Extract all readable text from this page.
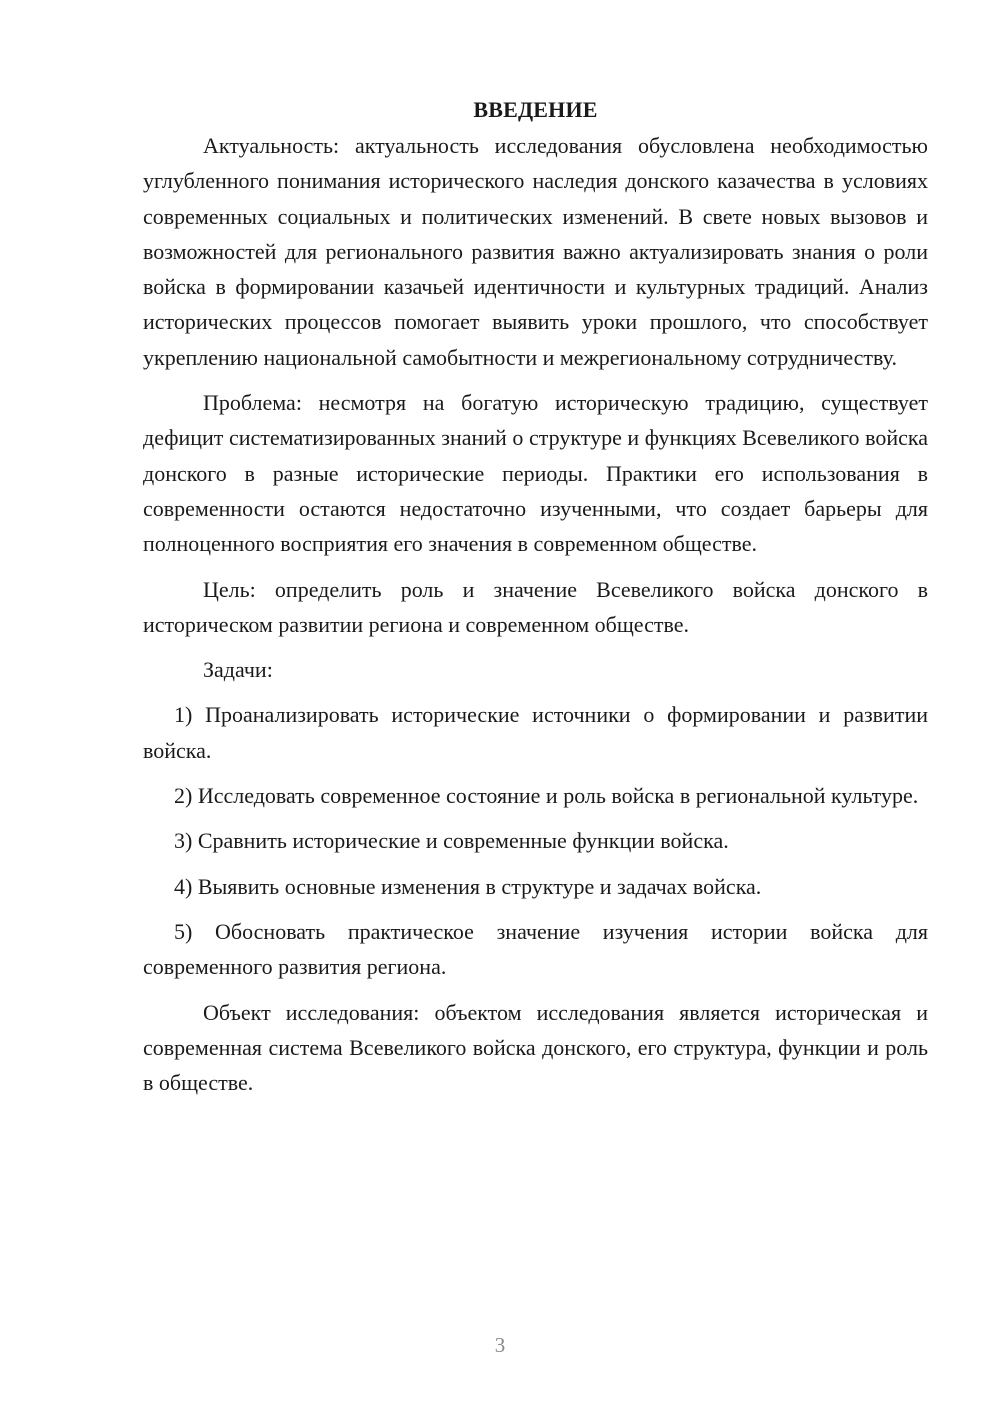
ВВЕДЕНИЕ

Актуальность: актуальность исследования обусловлена необходимостью углубленного понимания исторического наследия донского казачества в условиях современных социальных и политических изменений. В свете новых вызовов и возможностей для регионального развития важно актуализировать знания о роли войска в формировании казачьей идентичности и культурных традиций. Анализ исторических процессов помогает выявить уроки прошлого, что способствует укреплению национальной самобытности и межрегиональному сотрудничеству.

Проблема: несмотря на богатую историческую традицию, существует дефицит систематизированных знаний о структуре и функциях Всевеликого войска донского в разные исторические периоды. Практики его использования в современности остаются недостаточно изученными, что создает барьеры для полноценного восприятия его значения в современном обществе.

Цель: определить роль и значение Всевеликого войска донского в историческом развитии региона и современном обществе.

Задачи:

1) Проанализировать исторические источники о формировании и развитии войска.

2) Исследовать современное состояние и роль войска в региональной культуре.

3) Сравнить исторические и современные функции войска.

4) Выявить основные изменения в структуре и задачах войска.

5) Обосновать практическое значение изучения истории войска для современного развития региона.

Объект исследования: объектом исследования является историческая и современная система Всевеликого войска донского, его структура, функции и роль в обществе.

3
